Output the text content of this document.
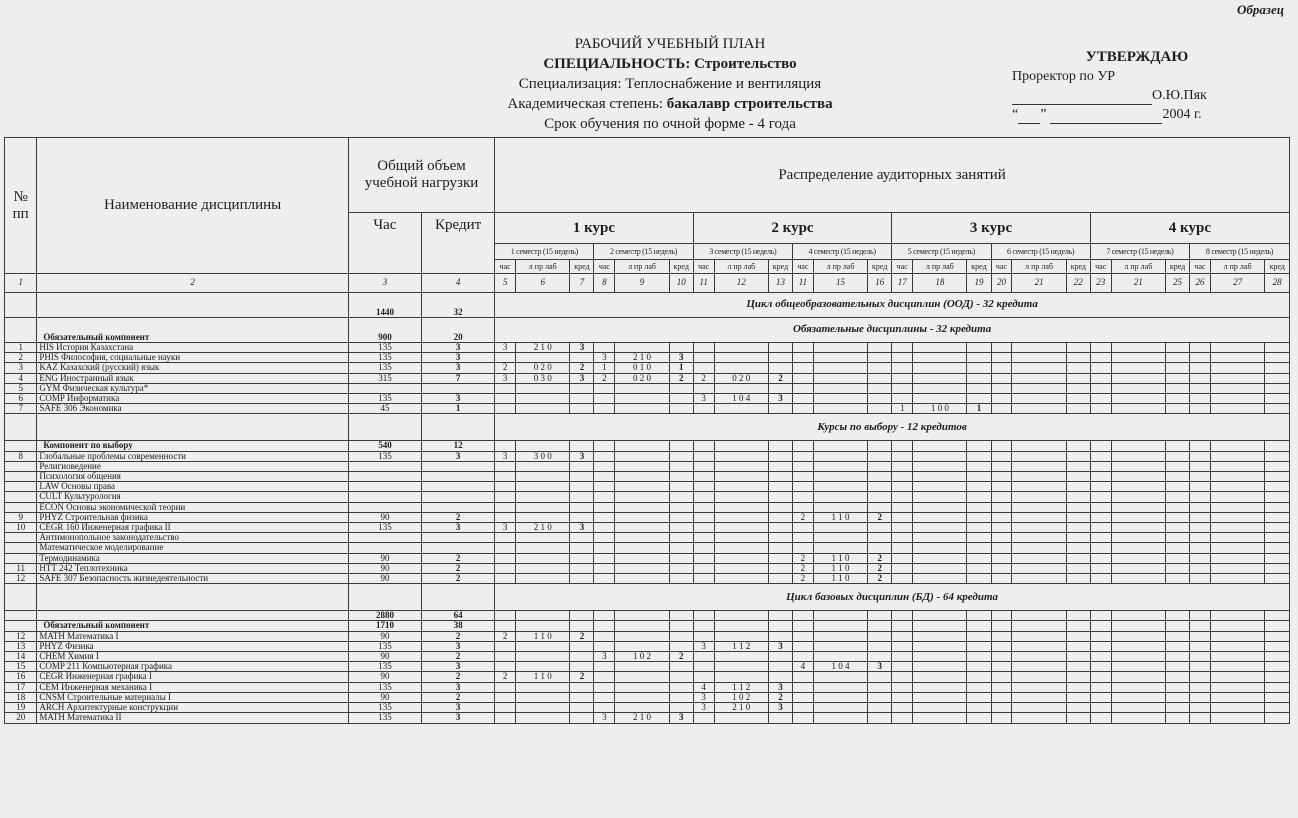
Образец
РАБОЧИЙ УЧЕБНЫЙ ПЛАН
СПЕЦИАЛЬНОСТЬ: Строительство
Специализация: Теплоснабжение и вентиляция
Академическая степень: бакалавр строительства
Срок обучения по очной форме - 4 года
УТВЕРЖДАЮ
Проректор по УР
О.Ю.Пяк
“ ”	2004 г.
№ пп	Наименование дисциплины	Общий объем учебной нагрузки		Распределение аудиторных занятий																							
		Час	Кредит	1 курс						2 курс						3 курс						4 курс					
				1 семестр (15 недель)			2 семестр (15 недель)			3 семестр (15 недель)			4 семестр (15 недель)			5 семестр (15 недель)			6 семестр (15 недель)			7 семестр (15 недель)			8 семестр (15 недель)		
				час	л пр лаб	кред	час	л пр лаб	кред	час	л пр лаб	кред	час	л пр лаб	кред	час	л пр лаб	кред	час	л пр лаб	кред	час	л пр лаб	кред	час	л пр лаб	кред
1	2	3	4	5	6	7	8	9	10	11	12	13	11	15	16	17	18	19	20	21	22	23	21	25	26	27	28
		1440	32	Цикл общеобразовательных дисциплин (ООД) - 32 кредита																							
	Обязательный компонент	900	20	Обязательные дисциплины - 32 кредита																							
1	HIS История Казахстана	135	3	3	2 1 0	3																					
2	PHIS Философия, социальные науки	135	3				3	2 1 0	3																		
3	KAZ Казахский (русский) язык	135	3	2	0 2 0	2	1	0 1 0	1																		
4	ENG Иностранный язык	315	7	3	0 3 0	3	2	0 2 0	2	2	0 2 0	2															
5	GYM Физическая культура*																										
6	COMP Информатика	135	3							3	1 0 4	3															
7	SAFE 306 Экономика	45	1													1	1 0 0	1									
				Курсы по выбору - 12 кредитов																							
	Компонент по выбору	540	12																								
8	Глобальные проблемы современности	135	3	3	3 0 0	3																					
	Религиоведение																										
	Психология общения																										
	LAW Основы права																										
	CULT Культурология																										
	ECON Основы экономической теории																										
9	PHYZ Строительная физика	90	2										2	1 1 0	2												
10	CEGR 160 Инженерная графика II	135	3	3	2 1 0	3																					
	Антимонопольное законодательство																										
	Математическое моделирование																										
	Термодинамика	90	2										2	1 1 0	2												
11	HTT 242 Теплотехника	90	2										2	1 1 0	2												
12	SAFE 307 Безопасность жизнедеятельности	90	2										2	1 1 0	2												
				Цикл базовых дисциплин (БД) - 64 кредита																							
		2880	64																								
	Обязательный компонент	1710	38																								
12	MATH Математика I	90	2	2	1 1 0	2																					
13	PHYZ Физика	135	3							3	1 1 2	3															
14	CHEM Химия I	90	2				3	1 0 2	2																		
15	COMP 211 Компьютерная графика	135	3										4	1 0 4	3												
16	CEGR Инженерная графика I	90	2	2	1 1 0	2																					
17	CEM Инженерная механика I	135	3							4	1 1 2	3															
18	CNSM Строительные материалы I	90	2							3	1 0 2	2															
19	ARCH Архитектурные конструкции	135	3							3	2 1 0	3															
20	MATH Математика II	135	3				3	2 1 0	3																		
